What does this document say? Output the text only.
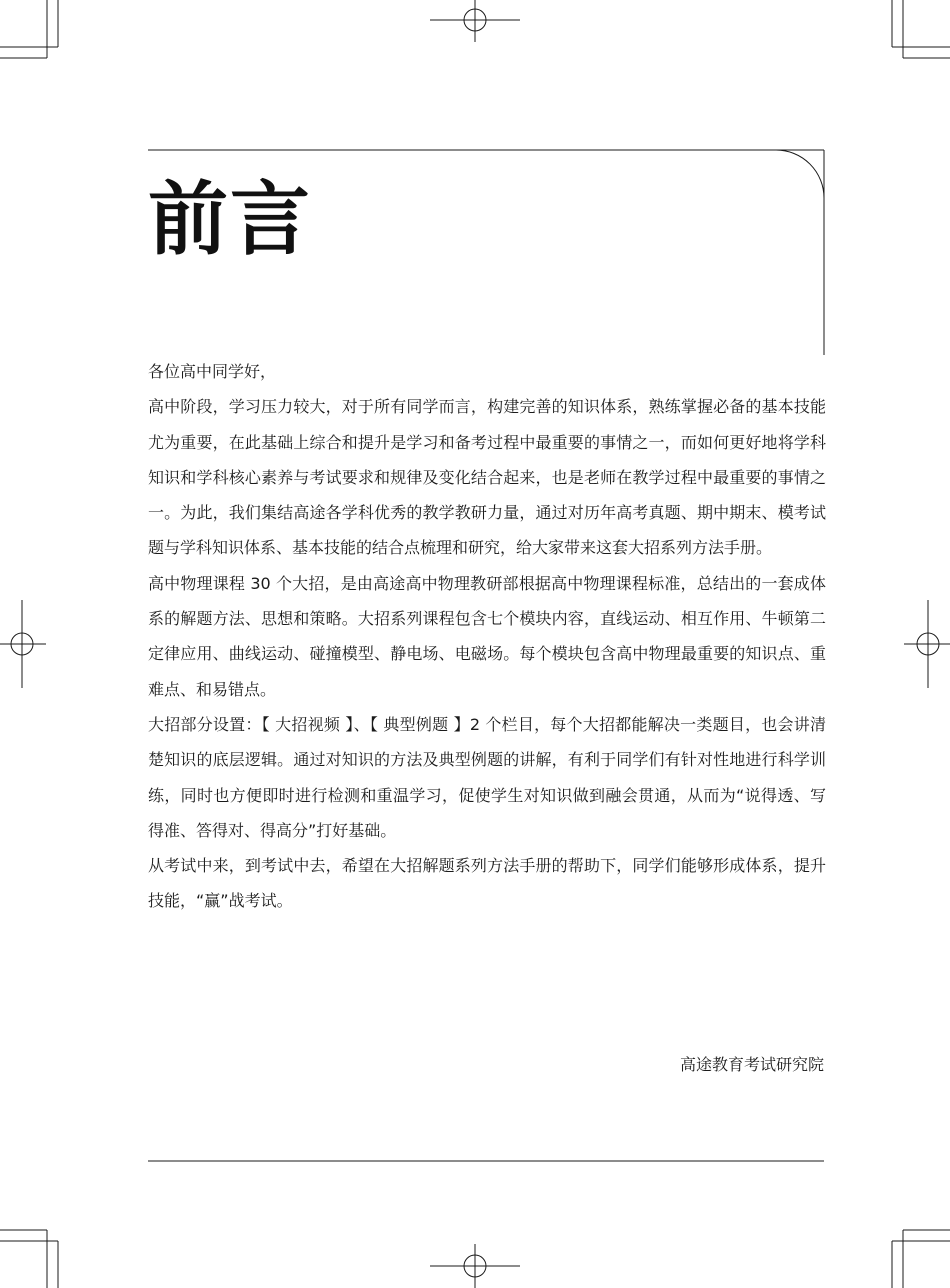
前言

各位高中同学好，

高中阶段，学习压力较大，对于所有同学而言，构建完善的知识体系，熟练掌握必备的基本技能尤为重要，在此基础上综合和提升是学习和备考过程中最重要的事情之一，而如何更好地将学科知识和学科核心素养与考试要求和规律及变化结合起来，也是老师在教学过程中最重要的事情之一。为此，我们集结高途各学科优秀的教学教研力量，通过对历年高考真题、期中期末、模考试题与学科知识体系、基本技能的结合点梳理和研究，给大家带来这套大招系列方法手册。

高中物理课程 30 个大招，是由高途高中物理教研部根据高中物理课程标准，总结出的一套成体系的解题方法、思想和策略。大招系列课程包含七个模块内容，直线运动、相互作用、牛顿第二定律应用、曲线运动、碰撞模型、静电场、电磁场。每个模块包含高中物理最重要的知识点、重难点、和易错点。

大招部分设置：【 大招视频 】、【 典型例题 】2 个栏目，每个大招都能解决一类题目，也会讲清楚知识的底层逻辑。通过对知识的方法及典型例题的讲解，有利于同学们有针对性地进行科学训练，同时也方便即时进行检测和重温学习，促使学生对知识做到融会贯通，从而为“说得透、写得准、答得对、得高分”打好基础。

从考试中来，到考试中去，希望在大招解题系列方法手册的帮助下，同学们能够形成体系，提升技能，“赢”战考试。

高途教育考试研究院
